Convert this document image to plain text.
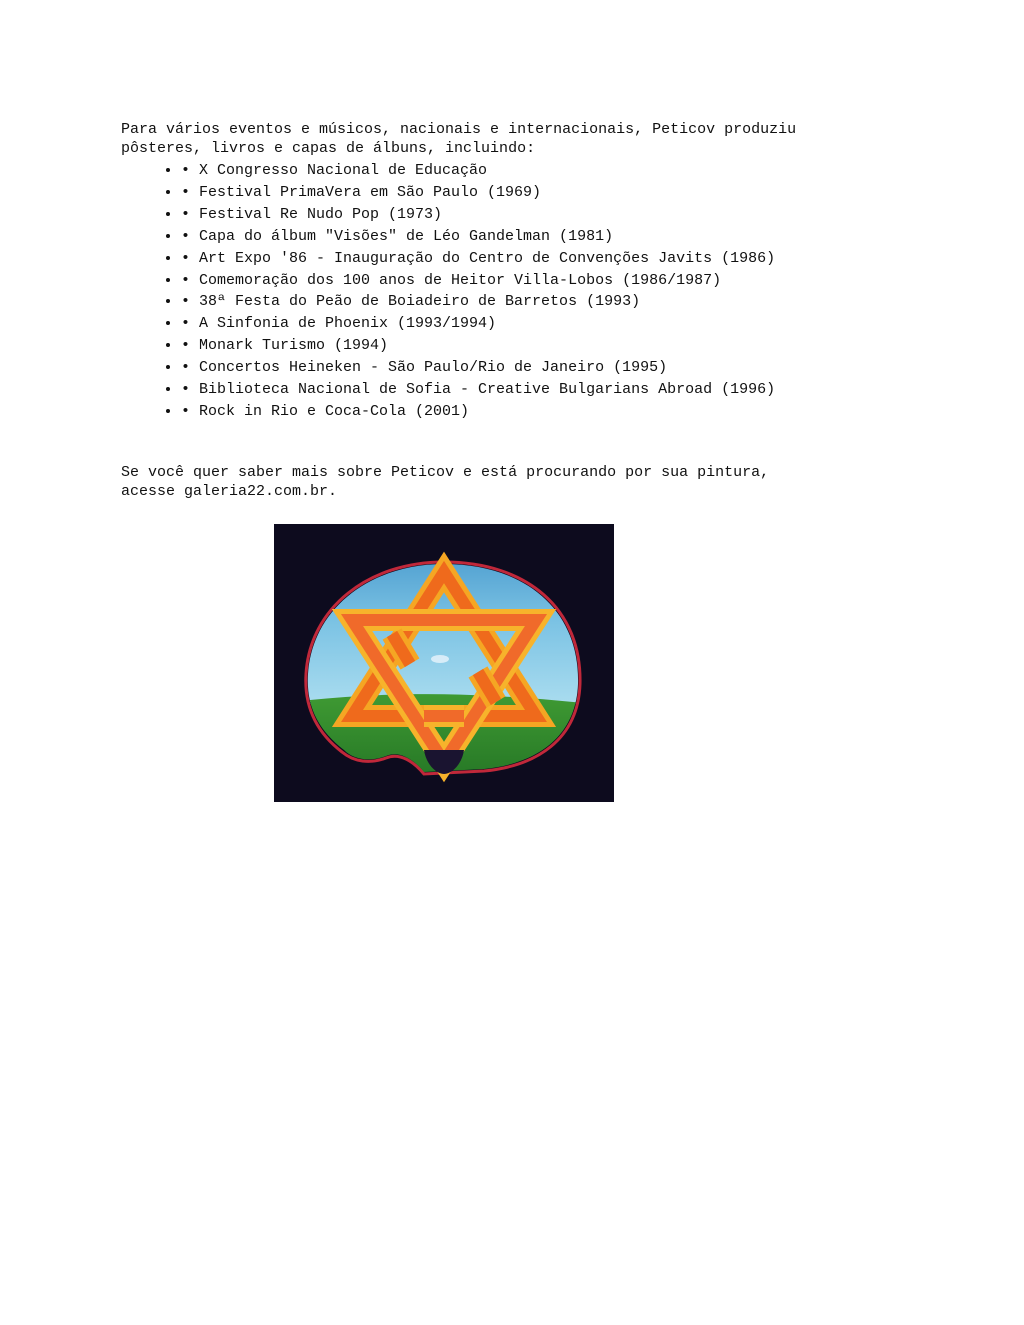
Para vários eventos e músicos, nacionais e internacionais, Peticov produziu
pôsteres, livros e capas de álbuns, incluindo:

• • X Congresso Nacional de Educação
• • Festival PrimaVera em São Paulo (1969)
• • Festival Re Nudo Pop (1973)
• • Capa do álbum "Visões" de Léo Gandelman (1981)
• • Art Expo '86 - Inauguração do Centro de Convenções Javits (1986)
• • Comemoração dos 100 anos de Heitor Villa-Lobos (1986/1987)
• • 38ª Festa do Peão de Boiadeiro de Barretos (1993)
• • A Sinfonia de Phoenix (1993/1994)
• • Monark Turismo (1994)
• • Concertos Heineken - São Paulo/Rio de Janeiro (1995)
• • Biblioteca Nacional de Sofia - Creative Bulgarians Abroad (1996)
• • Rock in Rio e Coca-Cola (2001)

Se você quer saber mais sobre Peticov e está procurando por sua pintura,
acesse galeria22.com.br.
